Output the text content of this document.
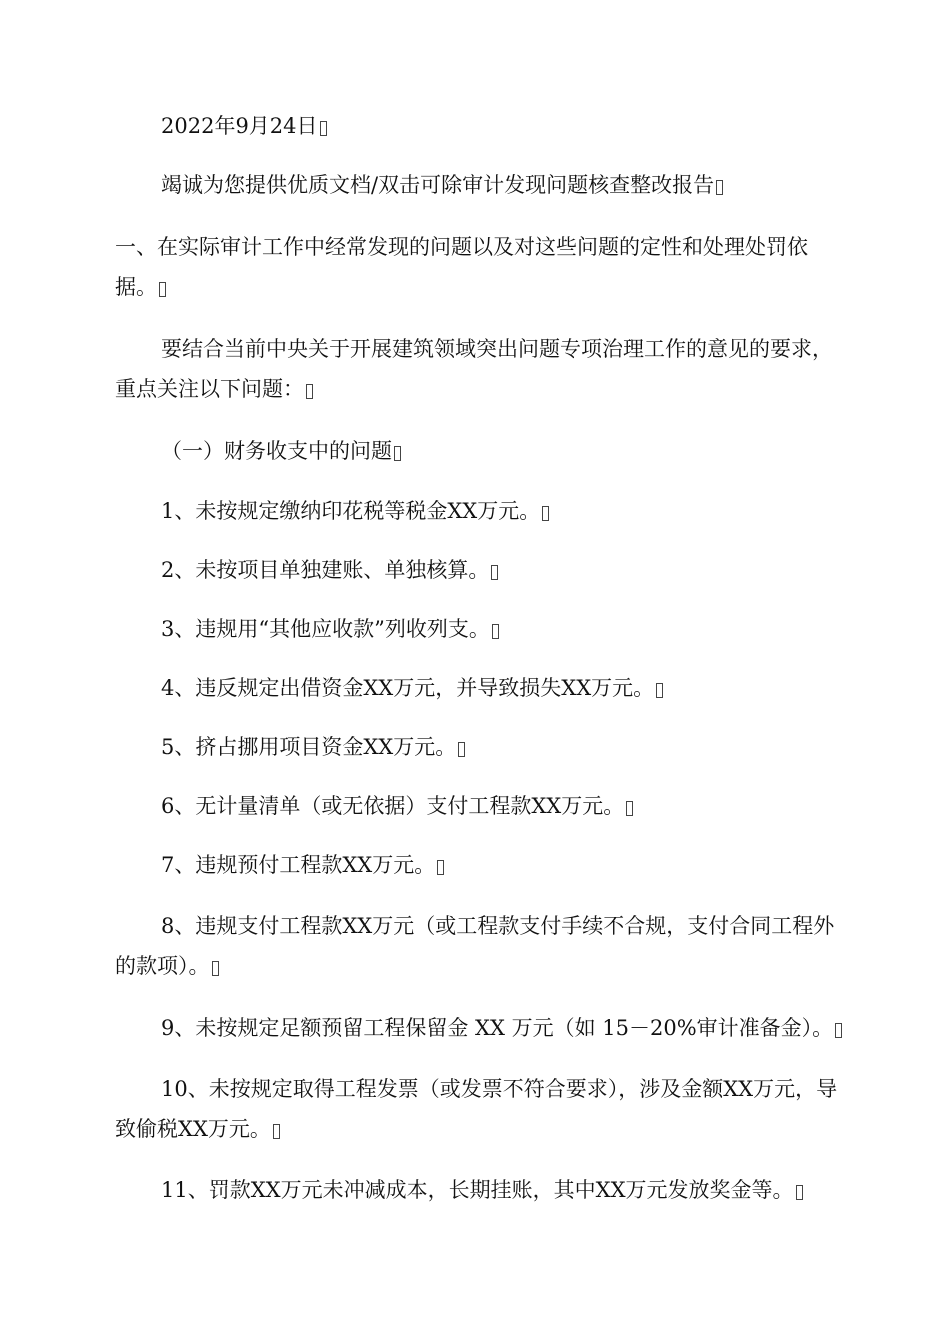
2022年9月24日

竭诚为您提供优质文档/双击可除审计发现问题核查整改报告

一、在实际审计工作中经常发现的问题以及对这些问题的定性和处理处罚依据。

要结合当前中央关于开展建筑领域突出问题专项治理工作的意见的要求，重点关注以下问题：

（一）财务收支中的问题

1、未按规定缴纳印花税等税金XX万元。

2、未按项目单独建账、单独核算。

3、违规用“其他应收款”列收列支。

4、违反规定出借资金XX万元，并导致损失XX万元。

5、挤占挪用项目资金XX万元。

6、无计量清单（或无依据）支付工程款XX万元。

7、违规预付工程款XX万元。

8、违规支付工程款XX万元（或工程款支付手续不合规，支付合同工程外的款项）。

9、未按规定足额预留工程保留金 XX 万元（如 15－20%审计准备金）。

10、未按规定取得工程发票（或发票不符合要求），涉及金额XX万元，导致偷税XX万元。

11、罚款XX万元未冲减成本，长期挂账，其中XX万元发放奖金等。
